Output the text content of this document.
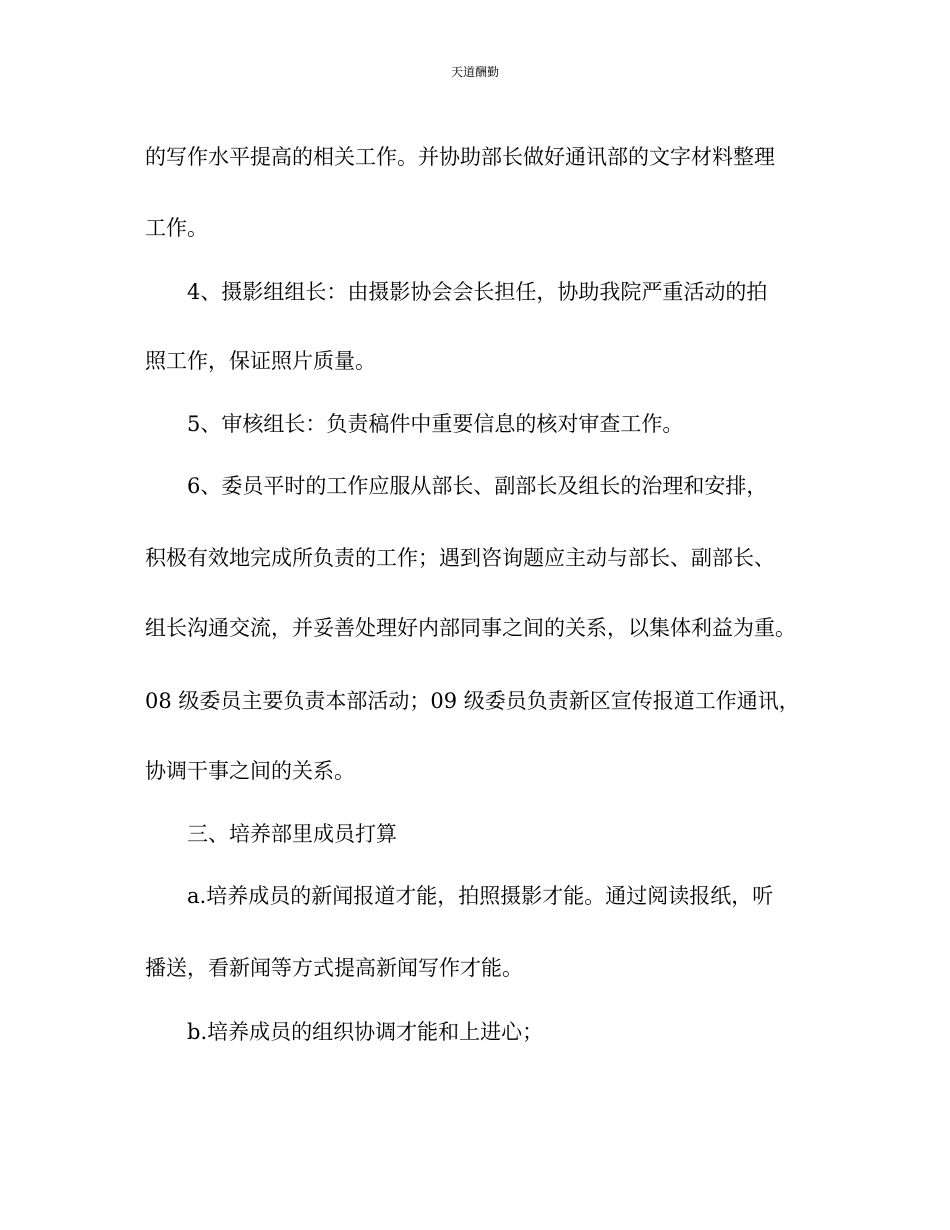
天道酬勤
的写作水平提高的相关工作。并协助部长做好通讯部的文字材料整理
工作。
4、摄影组组长：由摄影协会会长担任，协助我院严重活动的拍
照工作，保证照片质量。
5、审核组长：负责稿件中重要信息的核对审查工作。
6、委员平时的工作应服从部长、副部长及组长的治理和安排，
积极有效地完成所负责的工作；遇到咨询题应主动与部长、副部长、
组长沟通交流，并妥善处理好内部同事之间的关系，以集体利益为重。
08 级委员主要负责本部活动；09 级委员负责新区宣传报道工作通讯，
协调干事之间的关系。
三、培养部里成员打算
a.培养成员的新闻报道才能，拍照摄影才能。通过阅读报纸，听
播送，看新闻等方式提高新闻写作才能。
b.培养成员的组织协调才能和上进心；
